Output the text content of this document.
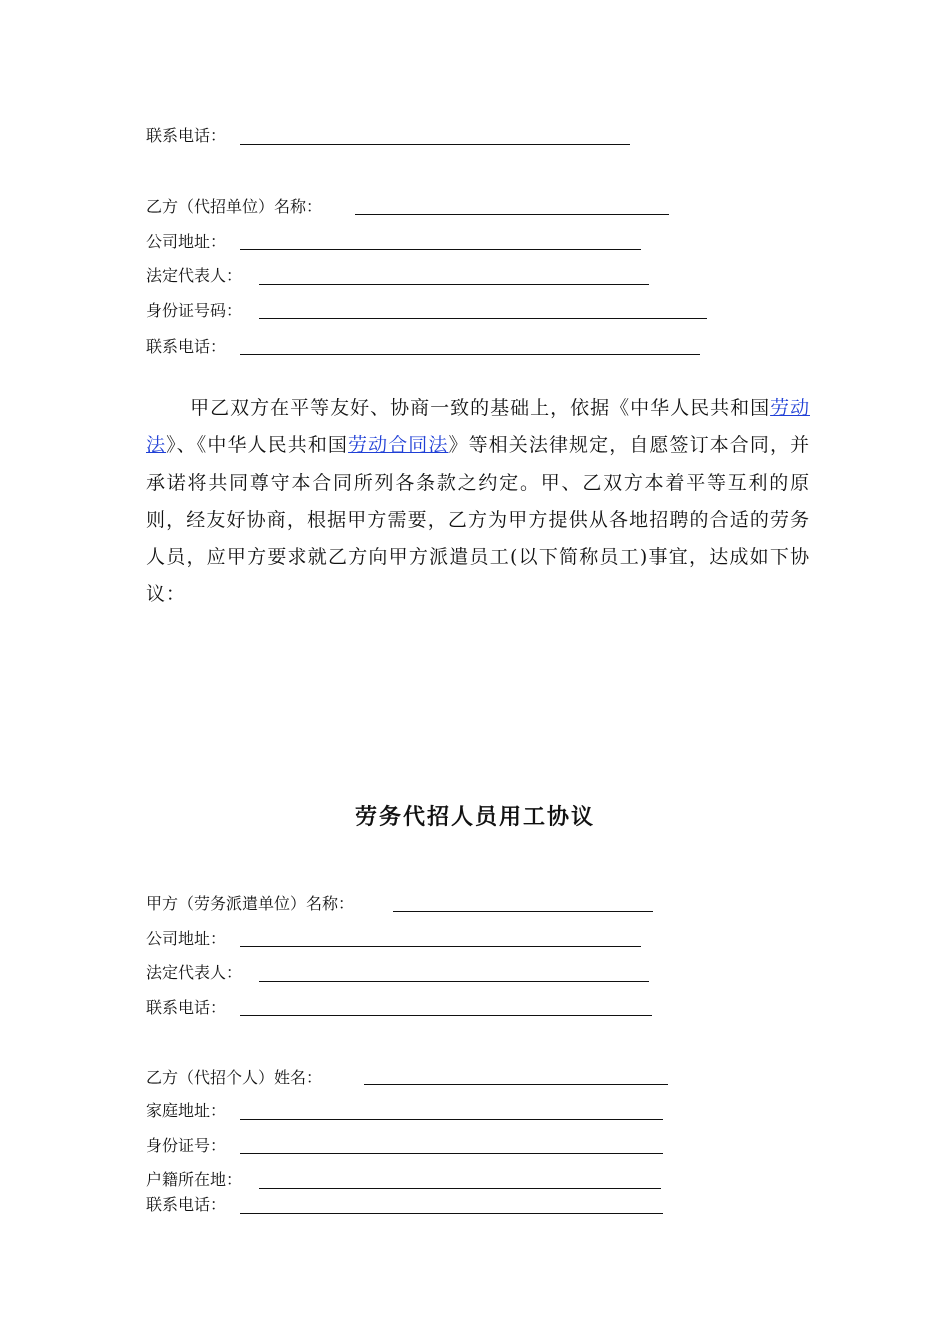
联系电话：
乙方（代招单位）名称：
公司地址：
法定代表人：
身份证号码：
联系电话：
甲乙双方在平等友好、协商一致的基础上，依据《中华人民共和国劳动法》、《中华人民共和国劳动合同法》等相关法律规定，自愿签订本合同，并承诺将共同尊守本合同所列各条款之约定。甲、乙双方本着平等互利的原则，经友好协商，根据甲方需要，乙方为甲方提供从各地招聘的合适的劳务人员，应甲方要求就乙方向甲方派遣员工(以下简称员工)事宜，达成如下协议：
劳务代招人员用工协议
甲方（劳务派遣单位）名称：
公司地址：
法定代表人：
联系电话：
乙方（代招个人）姓名：
家庭地址：
身份证号：
户籍所在地：
联系电话：
